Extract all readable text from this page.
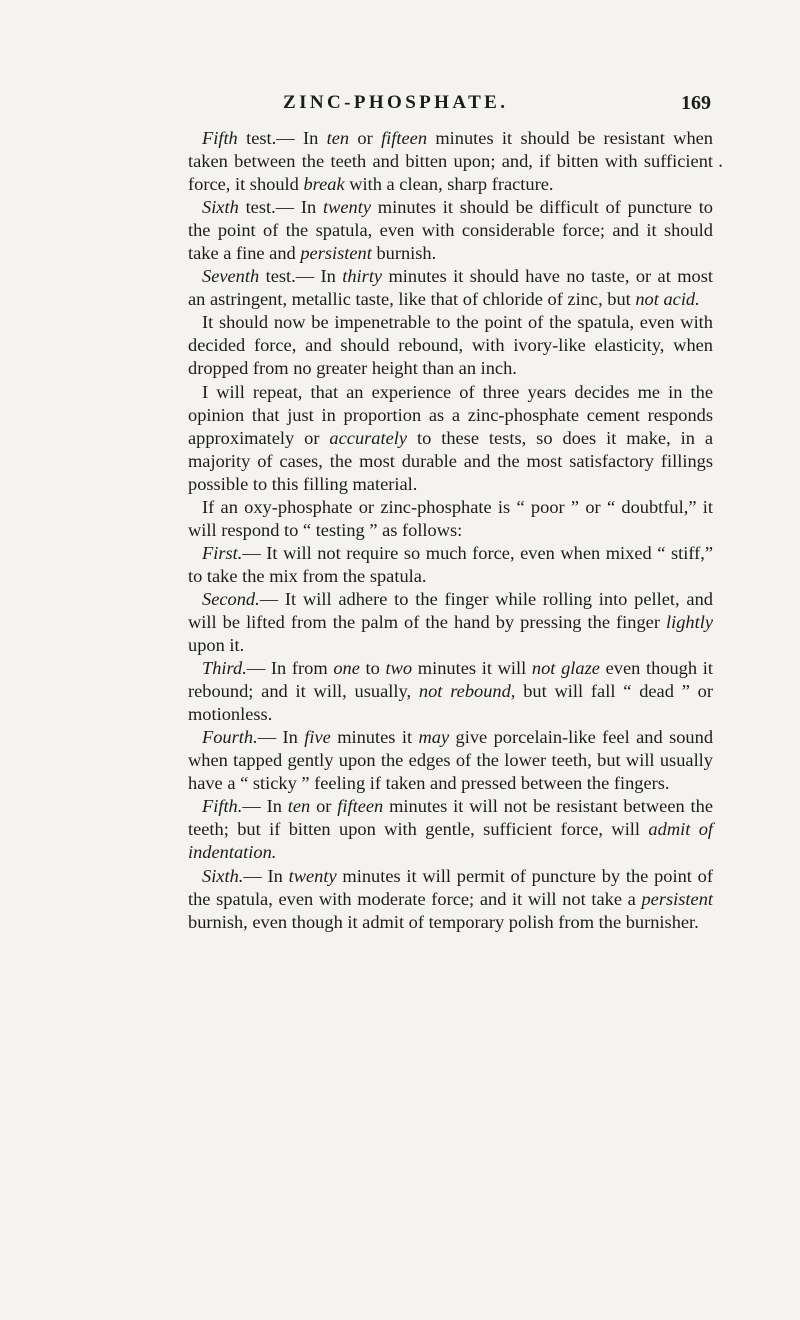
ZINC-PHOSPHATE.	169
•

Fifth test.— In ten or fifteen minutes it should be resistant when taken between the teeth and bitten upon; and, if bitten with sufficient force, it should break with a clean, sharp fracture.

Sixth test.— In twenty minutes it should be difficult of puncture to the point of the spatula, even with considerable force; and it should take a fine and persistent burnish.

Seventh test.— In thirty minutes it should have no taste, or at most an astringent, metallic taste, like that of chloride of zinc, but not acid.

It should now be impenetrable to the point of the spatula, even with decided force, and should rebound, with ivory-like elasticity, when dropped from no greater height than an inch.

I will repeat, that an experience of three years decides me in the opinion that just in proportion as a zinc-phosphate cement responds approximately or accurately to these tests, so does it make, in a majority of cases, the most durable and the most satisfactory fillings possible to this filling material.

If an oxy-phosphate or zinc-phosphate is “ poor ” or “ doubtful,” it will respond to “ testing ” as follows:

First.— It will not require so much force, even when mixed “ stiff,” to take the mix from the spatula.

Second.— It will adhere to the finger while rolling into pellet, and will be lifted from the palm of the hand by pressing the finger lightly upon it.

Third.— In from one to two minutes it will not glaze even though it rebound; and it will, usually, not rebound, but will fall “ dead ” or motionless.

Fourth.— In five minutes it may give porcelain-like feel and sound when tapped gently upon the edges of the lower teeth, but will usually have a “ sticky ” feeling if taken and pressed between the fingers.

Fifth.— In ten or fifteen minutes it will not be resistant between the teeth; but if bitten upon with gentle, sufficient force, will admit of indentation.

Sixth.— In twenty minutes it will permit of puncture by the point of the spatula, even with moderate force; and it will not take a persistent burnish, even though it admit of temporary polish from the burnisher.
